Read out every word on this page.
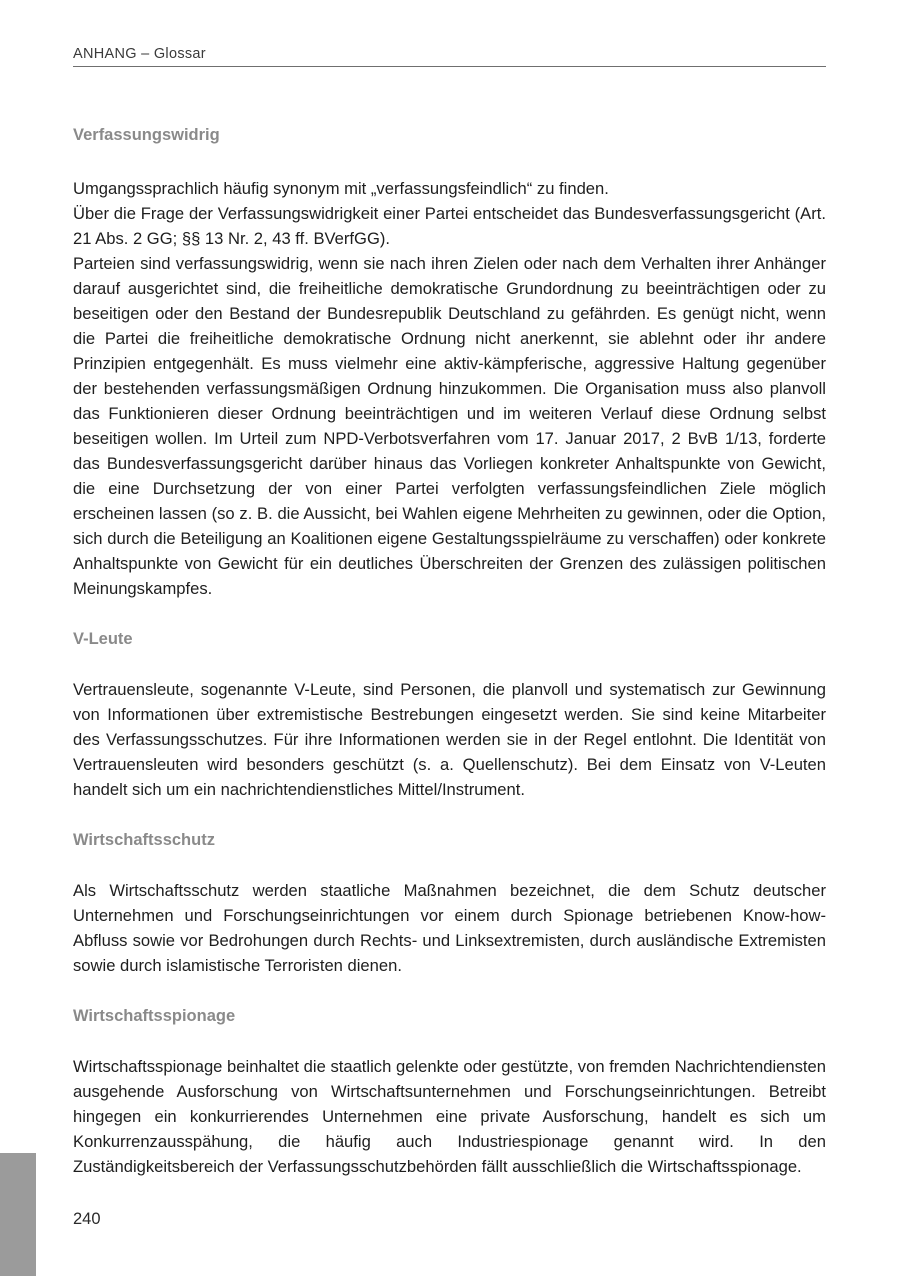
ANHANG – Glossar
Verfassungswidrig

Umgangssprachlich häufig synonym mit „verfassungsfeindlich“ zu finden.

Über die Frage der Verfassungswidrigkeit einer Partei entscheidet das Bundesverfassungsgericht (Art. 21 Abs. 2 GG; §§ 13 Nr. 2, 43 ff. BVerfGG).

Parteien sind verfassungswidrig, wenn sie nach ihren Zielen oder nach dem Verhalten ihrer Anhänger darauf ausgerichtet sind, die freiheitliche demokratische Grundordnung zu beeinträchtigen oder zu beseitigen oder den Bestand der Bundesrepublik Deutschland zu gefährden. Es genügt nicht, wenn die Partei die freiheitliche demokratische Ordnung nicht anerkennt, sie ablehnt oder ihr andere Prinzipien entgegenhält. Es muss vielmehr eine aktiv-kämpferische, aggressive Haltung gegenüber der bestehenden verfassungsmäßigen Ordnung hinzukommen. Die Organisation muss also planvoll das Funktionieren dieser Ordnung beeinträchtigen und im weiteren Verlauf diese Ordnung selbst beseitigen wollen. Im Urteil zum NPD-Verbotsverfahren vom 17. Januar 2017, 2 BvB 1/13, forderte das Bundesverfassungsgericht darüber hinaus das Vorliegen konkreter Anhaltspunkte von Gewicht, die eine Durchsetzung der von einer Partei verfolgten verfassungsfeindlichen Ziele möglich erscheinen lassen (so z. B. die Aussicht, bei Wahlen eigene Mehrheiten zu gewinnen, oder die Option, sich durch die Beteiligung an Koalitionen eigene Gestaltungsspielräume zu verschaffen) oder konkrete Anhaltspunkte von Gewicht für ein deutliches Überschreiten der Grenzen des zulässigen politischen Meinungskampfes.

V-Leute

Vertrauensleute, sogenannte V-Leute, sind Personen, die planvoll und systematisch zur Gewinnung von Informationen über extremistische Bestrebungen eingesetzt werden. Sie sind keine Mitarbeiter des Verfassungsschutzes. Für ihre Informationen werden sie in der Regel entlohnt. Die Identität von Vertrauensleuten wird besonders geschützt (s. a. Quellenschutz). Bei dem Einsatz von V-Leuten handelt sich um ein nachrichtendienstliches Mittel/Instrument.

Wirtschaftsschutz

Als Wirtschaftsschutz werden staatliche Maßnahmen bezeichnet, die dem Schutz deutscher Unternehmen und Forschungseinrichtungen vor einem durch Spionage betriebenen Know-how-Abfluss sowie vor Bedrohungen durch Rechts- und Linksextremisten, durch ausländische Extremisten sowie durch islamistische Terroristen dienen.

Wirtschaftsspionage

Wirtschaftsspionage beinhaltet die staatlich gelenkte oder gestützte, von fremden Nachrichtendiensten ausgehende Ausforschung von Wirtschaftsunternehmen und Forschungseinrichtungen. Betreibt hingegen ein konkurrierendes Unternehmen eine private Ausforschung, handelt es sich um Konkurrenzausspähung, die häufig auch Industriespionage genannt wird. In den Zuständigkeitsbereich der Verfassungsschutzbehörden fällt ausschließlich die Wirtschaftsspionage.

240
